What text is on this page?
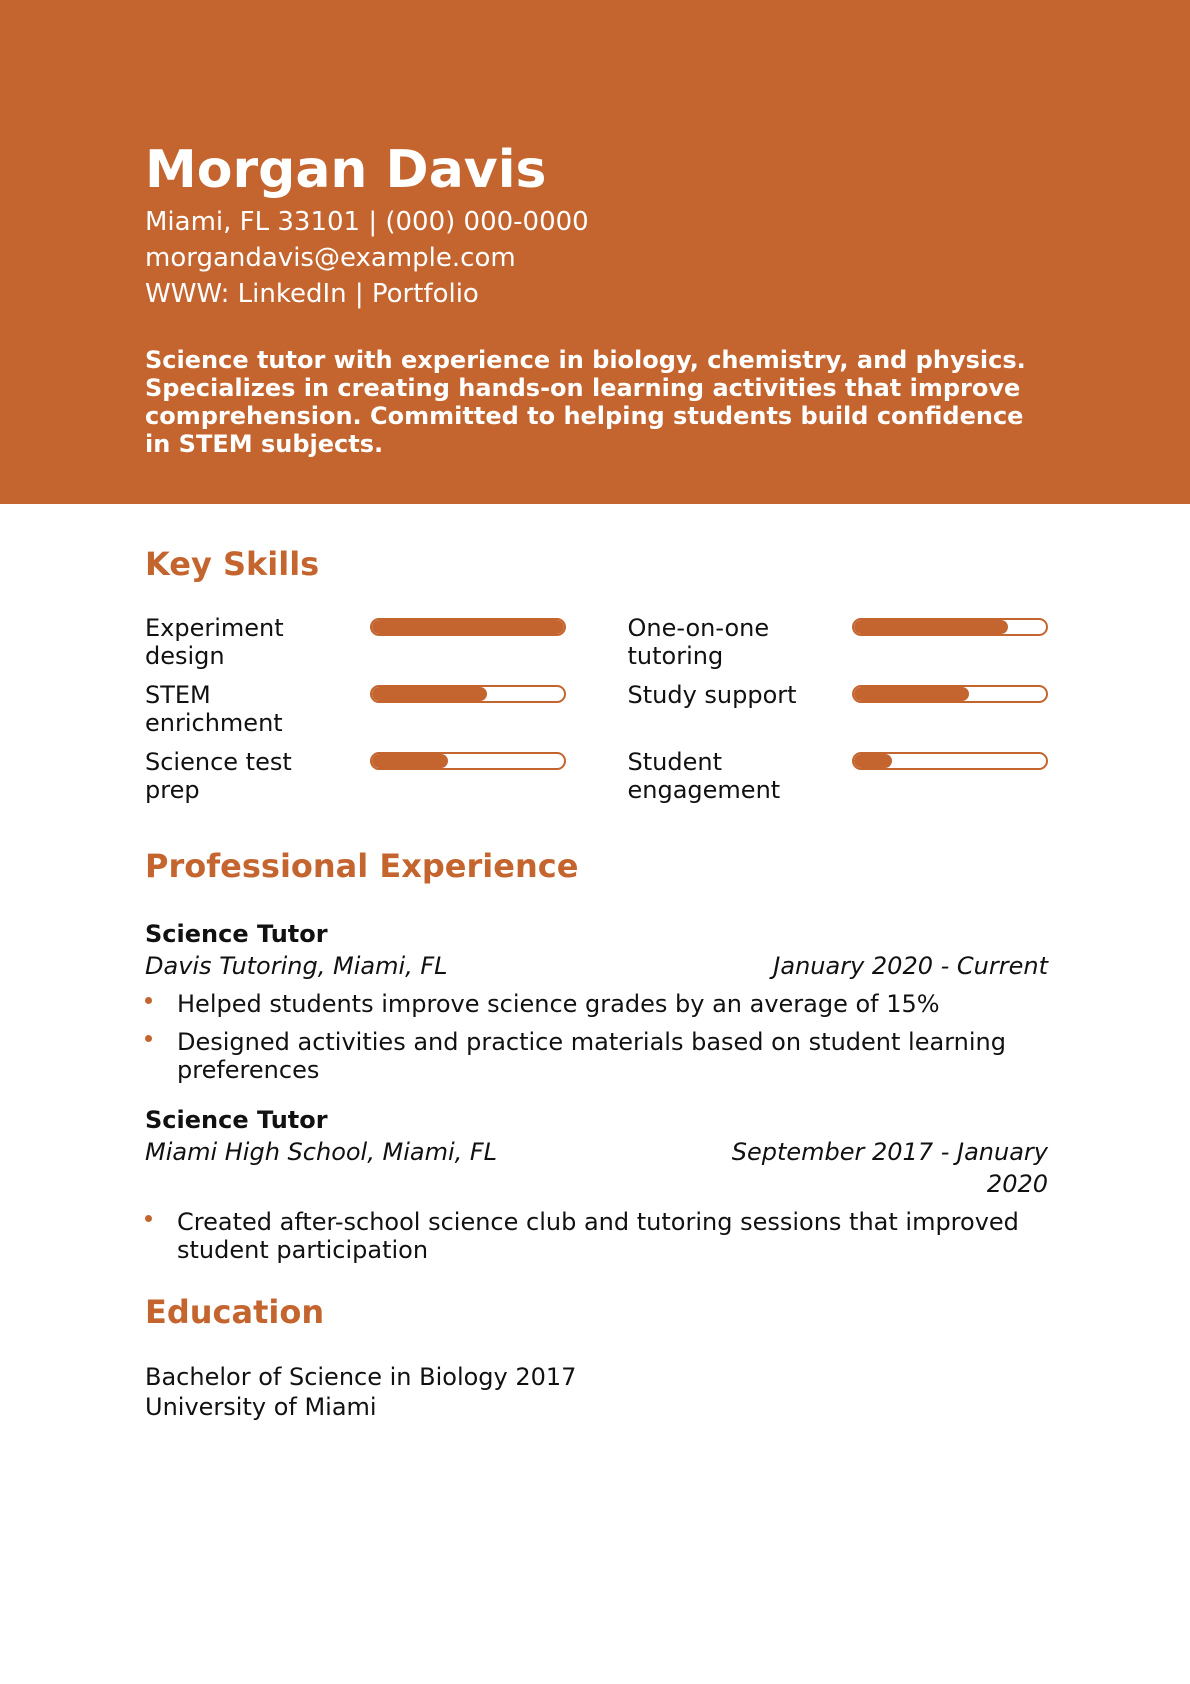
Morgan Davis
Miami, FL 33101 | (000) 000-0000
morgandavis@example.com
WWW: LinkedIn | Portfolio
Science tutor with experience in biology, chemistry, and physics. Specializes in creating hands-on learning activities that improve comprehension. Committed to helping students build confidence in STEM subjects.
Key Skills
Experiment design
One-on-one tutoring
STEM enrichment
Study support
Science test prep
Student engagement
Professional Experience
Science Tutor
Davis Tutoring, Miami, FL	January 2020 - Current
Helped students improve science grades by an average of 15%
Designed activities and practice materials based on student learning preferences
Science Tutor
Miami High School, Miami, FL	September 2017 - January 2020
Created after-school science club and tutoring sessions that improved student participation
Education
Bachelor of Science in Biology 2017
University of Miami
